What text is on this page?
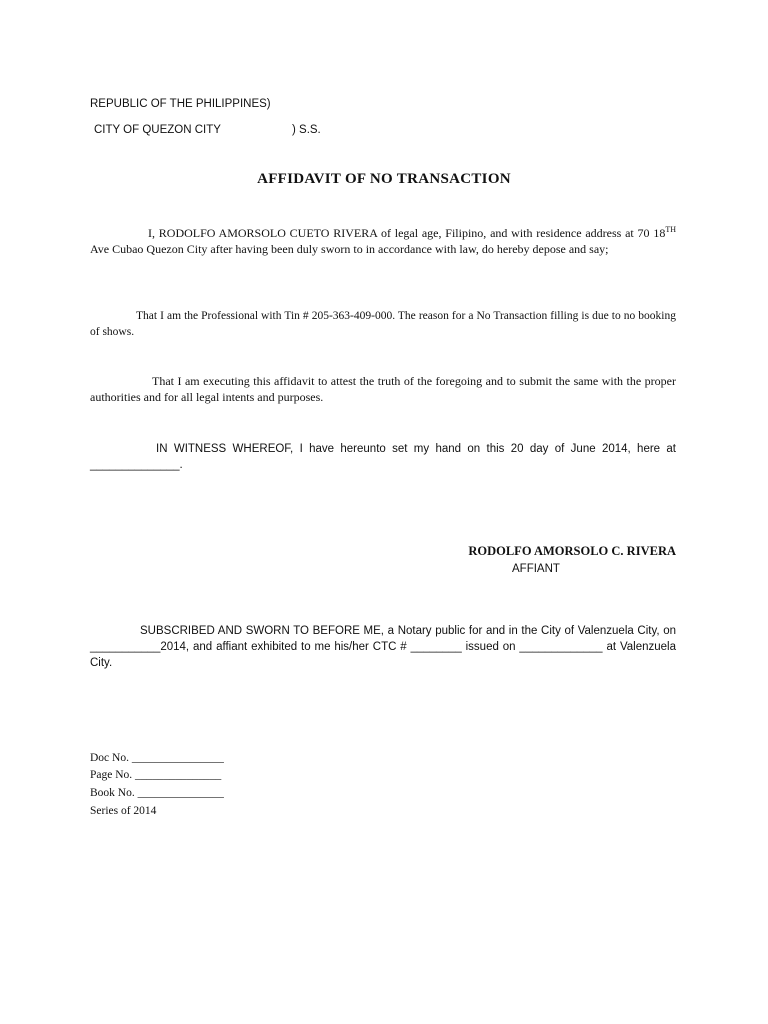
REPUBLIC OF THE PHILIPPINES)
CITY OF QUEZON CITY	) S.S.
AFFIDAVIT OF NO TRANSACTION
I, RODOLFO AMORSOLO CUETO RIVERA of legal age, Filipino, and with residence address at 70 18TH Ave Cubao Quezon City after having been duly sworn to in accordance with law, do hereby depose and say;
That I am the Professional with Tin # 205-363-409-000. The reason for a No Transaction filling is due to no booking of shows.
That I am executing this affidavit to attest the truth of the foregoing and to submit the same with the proper authorities and for all legal intents and purposes.
IN WITNESS WHEREOF, I have hereunto set my hand on this 20 day of June 2014, here at ______________.
RODOLFO AMORSOLO C. RIVERA
AFFIANT
SUBSCRIBED AND SWORN TO BEFORE ME, a Notary public for and in the City of Valenzuela City, on ___________2014, and affiant exhibited to me his/her CTC # ________ issued on _____________ at Valenzuela City.
Doc No. ________________
Page No. _______________
Book No. _______________
Series of 2014
